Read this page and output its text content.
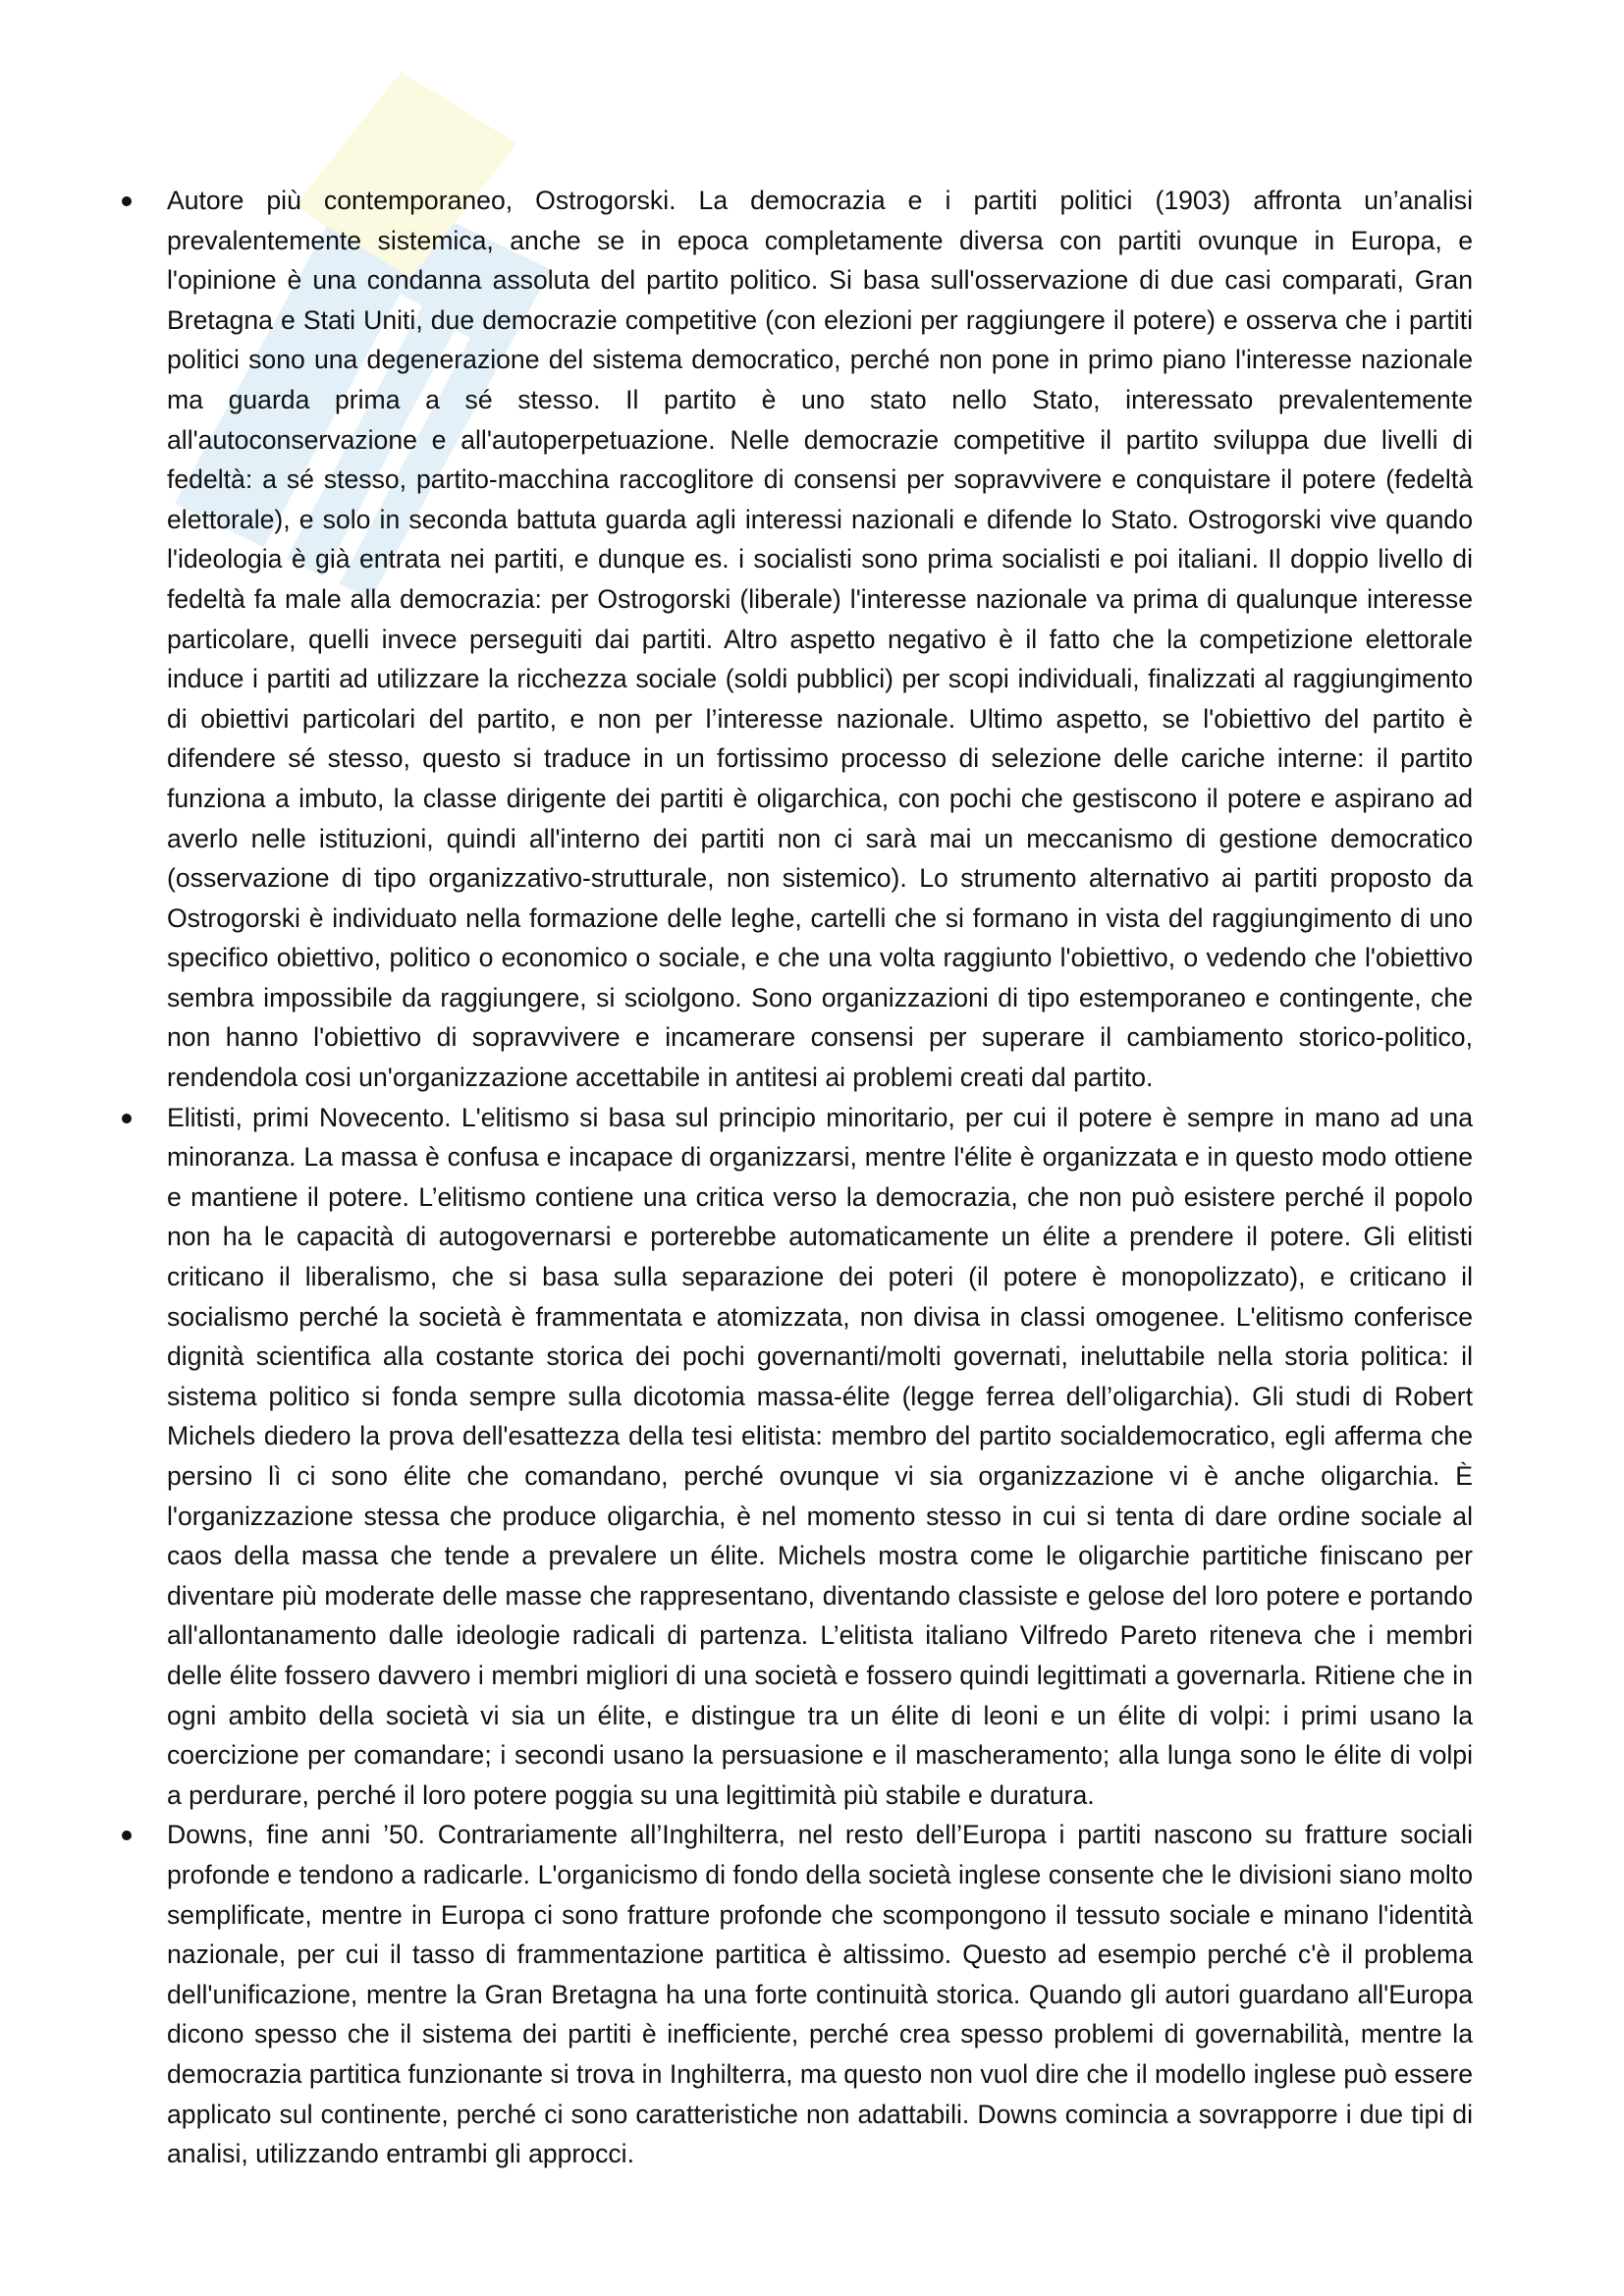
Autore più contemporaneo, Ostrogorski. La democrazia e i partiti politici (1903) affronta un’analisi prevalentemente sistemica, anche se in epoca completamente diversa con partiti ovunque in Europa, e l'opinione è una condanna assoluta del partito politico. Si basa sull'osservazione di due casi comparati, Gran Bretagna e Stati Uniti, due democrazie competitive (con elezioni per raggiungere il potere) e osserva che i partiti politici sono una degenerazione del sistema democratico, perché non pone in primo piano l'interesse nazionale ma guarda prima a sé stesso. Il partito è uno stato nello Stato, interessato prevalentemente all'autoconservazione e all'autoperpetuazione. Nelle democrazie competitive il partito sviluppa due livelli di fedeltà: a sé stesso, partito-macchina raccoglitore di consensi per sopravvivere e conquistare il potere (fedeltà elettorale), e solo in seconda battuta guarda agli interessi nazionali e difende lo Stato. Ostrogorski vive quando l'ideologia è già entrata nei partiti, e dunque es. i socialisti sono prima socialisti e poi italiani. Il doppio livello di fedeltà fa male alla democrazia: per Ostrogorski (liberale) l'interesse nazionale va prima di qualunque interesse particolare, quelli invece perseguiti dai partiti. Altro aspetto negativo è il fatto che la competizione elettorale induce i partiti ad utilizzare la ricchezza sociale (soldi pubblici) per scopi individuali, finalizzati al raggiungimento di obiettivi particolari del partito, e non per l’interesse nazionale. Ultimo aspetto, se l'obiettivo del partito è difendere sé stesso, questo si traduce in un fortissimo processo di selezione delle cariche interne: il partito funziona a imbuto, la classe dirigente dei partiti è oligarchica, con pochi che gestiscono il potere e aspirano ad averlo nelle istituzioni, quindi all'interno dei partiti non ci sarà mai un meccanismo di gestione democratico (osservazione di tipo organizzativo-strutturale, non sistemico). Lo strumento alternativo ai partiti proposto da Ostrogorski è individuato nella formazione delle leghe, cartelli che si formano in vista del raggiungimento di uno specifico obiettivo, politico o economico o sociale, e che una volta raggiunto l'obiettivo, o vedendo che l'obiettivo sembra impossibile da raggiungere, si sciolgono. Sono organizzazioni di tipo estemporaneo e contingente, che non hanno l'obiettivo di sopravvivere e incamerare consensi per superare il cambiamento storico-politico, rendendola cosi un'organizzazione accettabile in antitesi ai problemi creati dal partito.
Elitisti, primi Novecento. L'elitismo si basa sul principio minoritario, per cui il potere è sempre in mano ad una minoranza. La massa è confusa e incapace di organizzarsi, mentre l'élite è organizzata e in questo modo ottiene e mantiene il potere. L’elitismo contiene una critica verso la democrazia, che non può esistere perché il popolo non ha le capacità di autogovernarsi e porterebbe automaticamente un élite a prendere il potere. Gli elitisti criticano il liberalismo, che si basa sulla separazione dei poteri (il potere è monopolizzato), e criticano il socialismo perché la società è frammentata e atomizzata, non divisa in classi omogenee. L'elitismo conferisce dignità scientifica alla costante storica dei pochi governanti/molti governati, ineluttabile nella storia politica: il sistema politico si fonda sempre sulla dicotomia massa-élite (legge ferrea dell’oligarchia). Gli studi di Robert Michels diedero la prova dell'esattezza della tesi elitista: membro del partito socialdemocratico, egli afferma che persino lì ci sono élite che comandano, perché ovunque vi sia organizzazione vi è anche oligarchia. È l'organizzazione stessa che produce oligarchia, è nel momento stesso in cui si tenta di dare ordine sociale al caos della massa che tende a prevalere un élite. Michels mostra come le oligarchie partitiche finiscano per diventare più moderate delle masse che rappresentano, diventando classiste e gelose del loro potere e portando all'allontanamento dalle ideologie radicali di partenza. L’elitista italiano Vilfredo Pareto riteneva che i membri delle élite fossero davvero i membri migliori di una società e fossero quindi legittimati a governarla. Ritiene che in ogni ambito della società vi sia un élite, e distingue tra un élite di leoni e un élite di volpi: i primi usano la coercizione per comandare; i secondi usano la persuasione e il mascheramento; alla lunga sono le élite di volpi a perdurare, perché il loro potere poggia su una legittimità più stabile e duratura.
Downs, fine anni ’50. Contrariamente all’Inghilterra, nel resto dell’Europa i partiti nascono su fratture sociali profonde e tendono a radicarle. L'organicismo di fondo della società inglese consente che le divisioni siano molto semplificate, mentre in Europa ci sono fratture profonde che scompongono il tessuto sociale e minano l'identità nazionale, per cui il tasso di frammentazione partitica è altissimo. Questo ad esempio perché c'è il problema dell'unificazione, mentre la Gran Bretagna ha una forte continuità storica. Quando gli autori guardano all'Europa dicono spesso che il sistema dei partiti è inefficiente, perché crea spesso problemi di governabilità, mentre la democrazia partitica funzionante si trova in Inghilterra, ma questo non vuol dire che il modello inglese può essere applicato sul continente, perché ci sono caratteristiche non adattabili. Downs comincia a sovrapporre i due tipi di analisi, utilizzando entrambi gli approcci.
